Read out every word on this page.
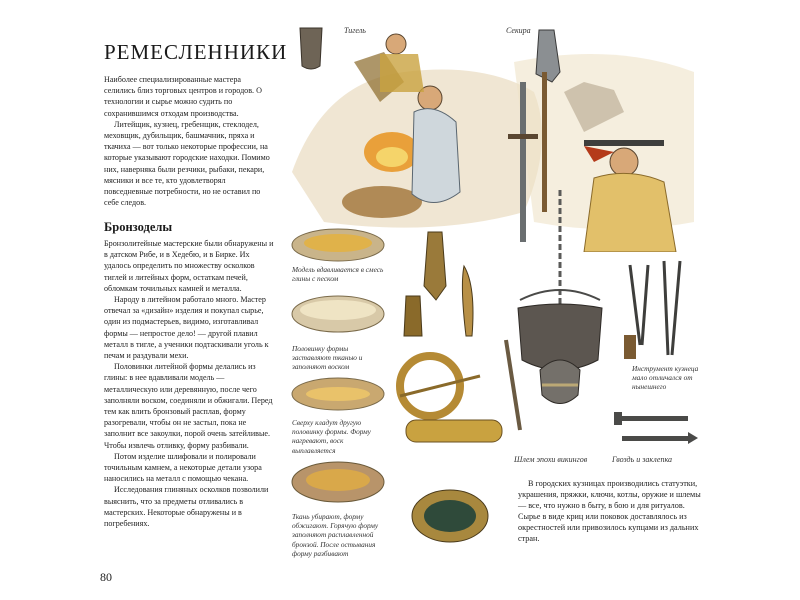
РЕМЕСЛЕННИКИ

Наиболее специализированные мастера селились близ торговых центров и городов. О технологии и сырье можно судить по сохранившимся отходам производства.

Литейщик, кузнец, гребенщик, стеклодел, меховщик, дубильщик, башмачник, пряха и ткачиха — вот только некоторые профессии, на которые указывают городские находки. Помимо них, наверняка были резчики, рыбаки, пекари, мясники и все те, кто удовлетворял повседневные потребности, но не оставил по себе следов.

Бронзоделы

Бронзолитейные мастерские были обнаружены и в датском Рибе, и в Хедебю, и в Бирке. Их удалось определить по множеству осколков тиглей и литейных форм, остаткам печей, обломкам точильных камней и металла.

Народу в литейном работало много. Мастер отвечал за «дизайн» изделия и покупал сырье, один из подмастерьев, видимо, изготавливал формы — непростое дело! — другой плавил металл в тигле, а ученики подтаскивали уголь к печам и раздували мехи.

Половинки литейной формы делались из глины: в нее вдавливали модель — металлическую или деревянную, после чего заполняли воском, соединяли и обжигали. Перед тем как влить бронзовый расплав, форму разогревали, чтобы он не застыл, пока не заполнит все закоулки, порой очень затейливые. Чтобы извлечь отливку, форму разбивали.

Потом изделие шлифовали и полировали точильным камнем, а некоторые детали узора наносились на металл с помощью чекана.

Исследования глиняных осколков позволили выяснить, что за предметы отливались в мастерских. Некоторые обнаружены и в погребениях.

80
Тигель	Секира
Инструмент кузнеца мало отличался от нынешнего
Гвоздь и заклепка
Шлем эпохи викингов
Модель вдавливается в смесь глины с песком
Половинку формы заставляют тканью и заполняют воском
Сверху кладут другую половинку формы. Форму нагревают, воск выплавляется
Ткань убирают, форму обжигают. Горячую форму заполняют расплавленной бронзой. После остывания форму разбивают
В городских кузницах производились статуэтки, украшения, пряжки, ключи, котлы, оружие и шлемы — все, что нужно в быту, в бою и для ритуалов. Сырье в виде криц или поковок доставлялось из окрестностей или привозилось купцами из дальних стран.
